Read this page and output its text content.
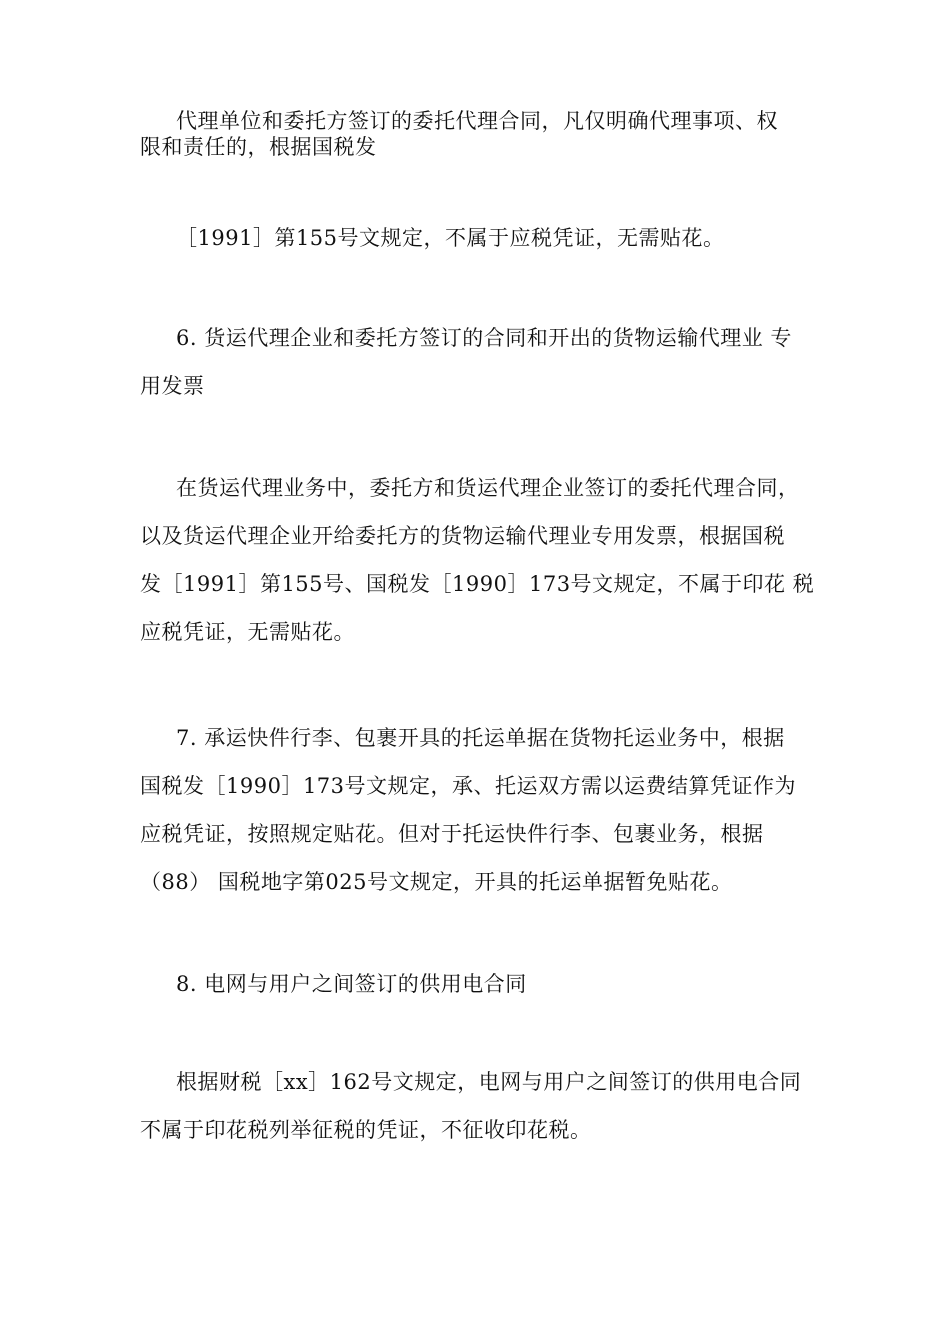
代理单位和委托方签订的委托代理合同，凡仅明确代理事项、权
限和责任的，根据国税发
［1991］第155号文规定，不属于应税凭证，无需贴花。
6. 货运代理企业和委托方签订的合同和开出的货物运输代理业 专
用发票
在货运代理业务中，委托方和货运代理企业签订的委托代理合同，
以及货运代理企业开给委托方的货物运输代理业专用发票，根据国税
发［1991］第155号、国税发［1990］173号文规定，不属于印花 税
应税凭证，无需贴花。
7. 承运快件行李、包裹开具的托运单据在货物托运业务中，根据
国税发［1990］173号文规定，承、托运双方需以运费结算凭证作为
应税凭证，按照规定贴花。但对于托运快件行李、包裹业务，根据
（88） 国税地字第025号文规定，开具的托运单据暂免贴花。
8. 电网与用户之间签订的供用电合同
根据财税［xx］162号文规定，电网与用户之间签订的供用电合同
不属于印花税列举征税的凭证，不征收印花税。
